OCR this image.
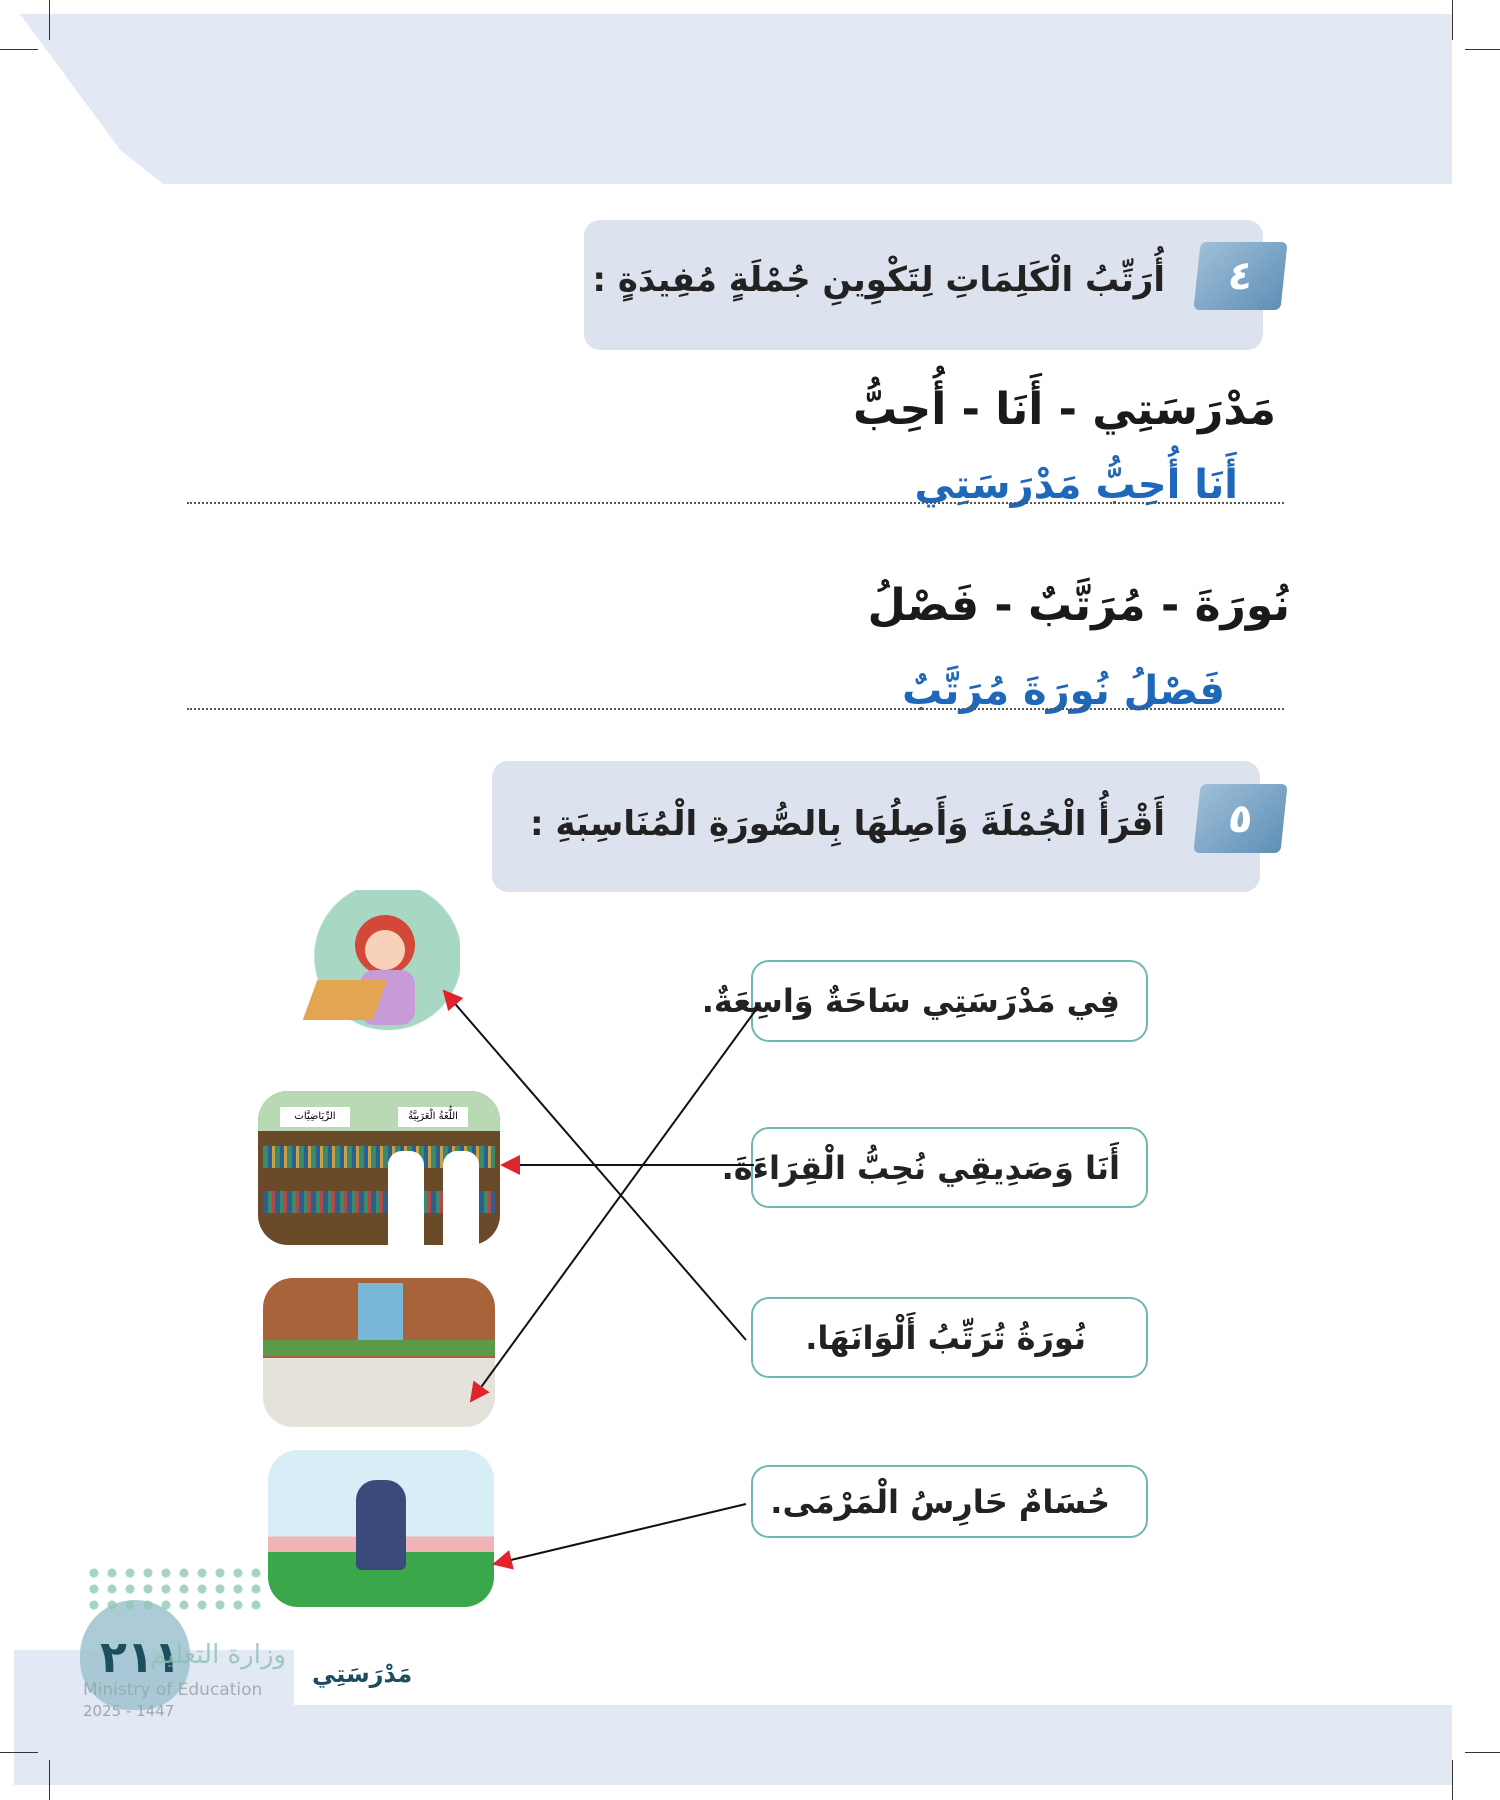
٤
أُرَتِّبُ الْكَلِمَاتِ لِتَكْوِينِ جُمْلَةٍ مُفِيدَةٍ :
مَدْرَسَتِي - أَنَا - أُحِبُّ
أَنَا أُحِبُّ مَدْرَسَتِي
نُورَةَ - مُرَتَّبٌ - فَصْلُ
فَصْلُ نُورَةَ مُرَتَّبٌ
٥
أَقْرَأُ الْجُمْلَةَ وَأَصِلُهَا بِالصُّورَةِ الْمُنَاسِبَةِ :
فِي مَدْرَسَتِي سَاحَةٌ وَاسِعَةٌ.
أَنَا وَصَدِيقِي نُحِبُّ الْقِرَاءَةَ.
نُورَةُ تُرَتِّبُ أَلْوَانَهَا.
حُسَامٌ حَارِسُ الْمَرْمَى.
الرِّيَاضِيَّات	اللُّغَةُ الْعَرَبِيَّةُ
٢١١
وزارة التعليم
Ministry of Education
2025 - 1447
مَدْرَسَتِي
